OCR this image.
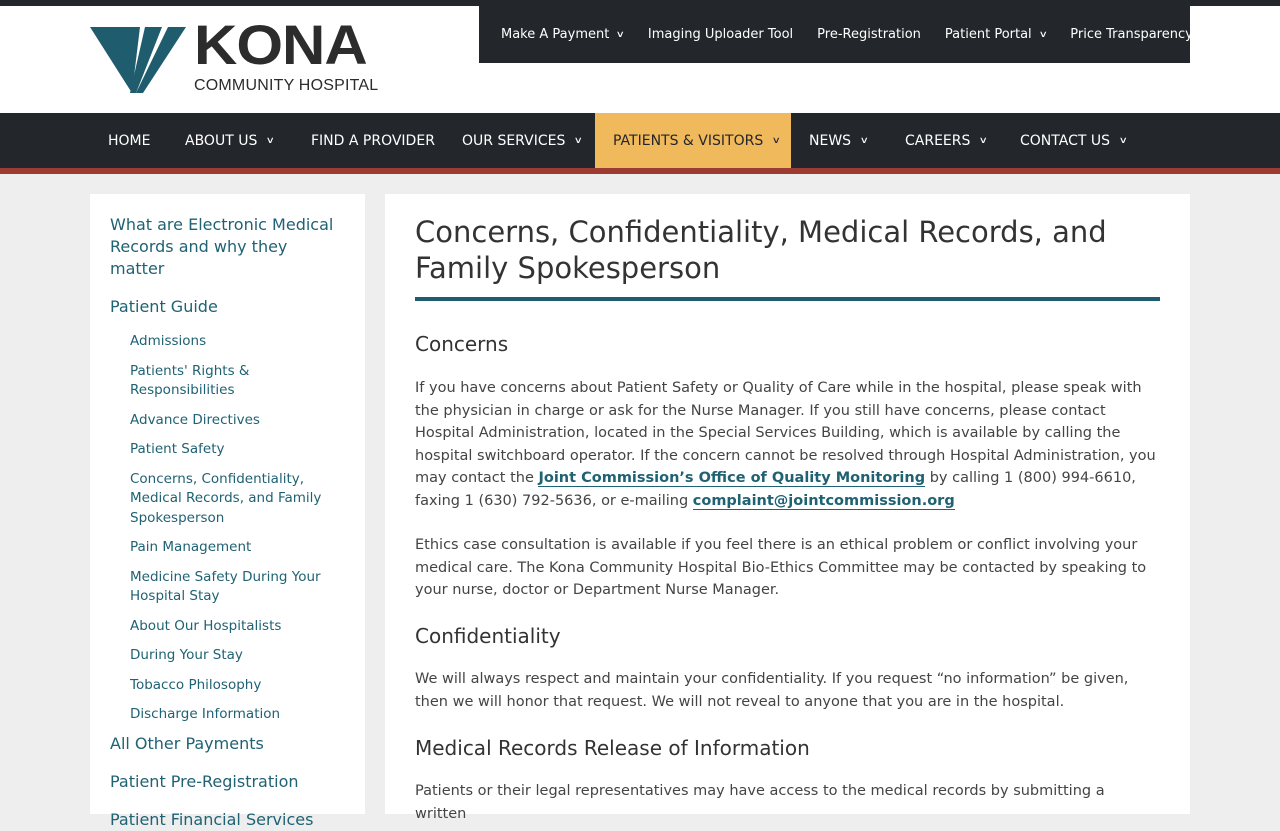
KONA
COMMUNITY HOSPITAL
Make A Payment ∨ Imaging Uploader Tool Pre-Registration Patient Portal ∨ Price Transparency
HOME ABOUT US ∨	FIND A PROVIDER OUR SERVICES ∨ PATIENTS & VISITORS ∨ NEWS ∨	CAREERS ∨ CONTACT US ∨
What are Electronic Medical Records and why they matter
Patient Guide
Admissions
Patients' Rights & Responsibilities
Advance Directives
Patient Safety
Concerns, Confidentiality, Medical Records, and Family Spokesperson
Pain Management
Medicine Safety During Your Hospital Stay
About Our Hospitalists
During Your Stay
Tobacco Philosophy
Discharge Information
All Other Payments
Patient Pre-Registration
Patient Financial Services
Concerns, Confidentiality, Medical Records, and Family Spokesperson
Concerns

If you have concerns about Patient Safety or Quality of Care while in the hospital, please speak with the physician in charge or ask for the Nurse Manager. If you still have concerns, please contact Hospital Administration, located in the Special Services Building, which is available by calling the hospital switchboard operator. If the concern cannot be resolved through Hospital Administration, you may contact the Joint Commission’s Office of Quality Monitoring by calling 1 (800) 994-6610, faxing 1 (630) 792-5636, or e-mailing complaint@jointcommission.org

Ethics case consultation is available if you feel there is an ethical problem or conflict involving your medical care. The Kona Community Hospital Bio-Ethics Committee may be contacted by speaking to your nurse, doctor or Department Nurse Manager.

Confidentiality

We will always respect and maintain your confidentiality. If you request “no information” be given, then we will honor that request. We will not reveal to anyone that you are in the hospital.

Medical Records Release of Information

Patients or their legal representatives may have access to the medical records by submitting a written
